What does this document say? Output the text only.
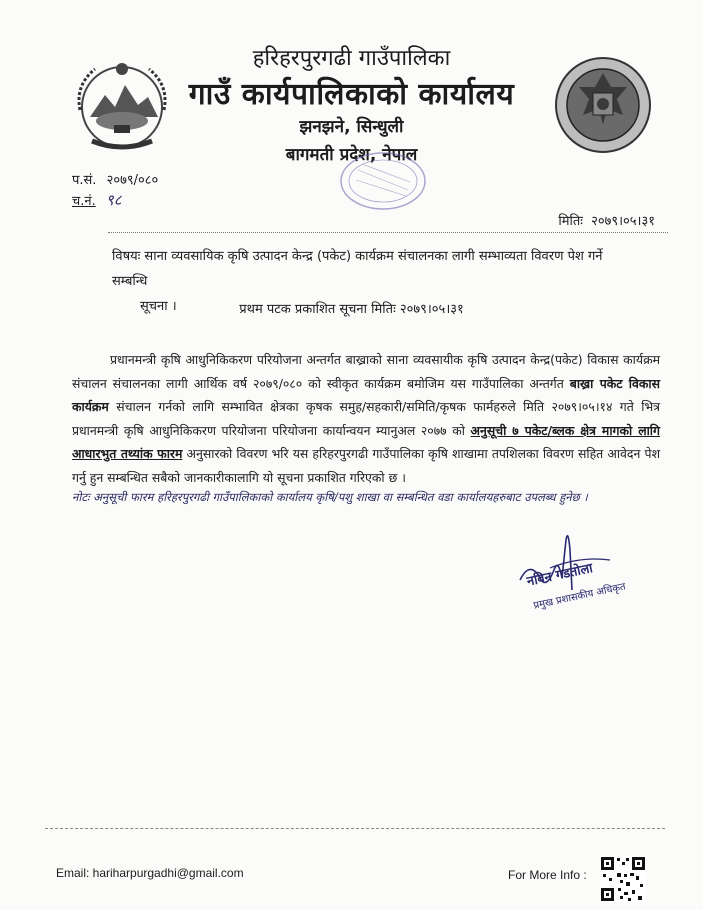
हरिहरपुरगढी गाउँपालिका
गाउँ कार्यपालिकाको कार्यालय
झनझने, सिन्धुली
बागमती प्रदेश, नेपाल
प.सं. २०७९/०८०
च.नं. ९८
मितिः २०७९।०५।३१
विषयः साना व्यवसायिक कृषि उत्पादन केन्द्र (पकेट) कार्यक्रम संचालनका लागी सम्भाव्यता विवरण पेश गर्ने सम्बन्धि
सूचना ।	प्रथम पटक प्रकाशित सूचना मितिः २०७९।०५।३१

प्रधानमन्त्री कृषि आधुनिकिकरण परियोजना अन्तर्गत बाख्राको साना व्यवसायीक कृषि उत्पादन केन्द्र(पकेट) विकास कार्यक्रम संचालन संचालनका लागी आर्थिक वर्ष २०७९/०८० को स्वीकृत कार्यक्रम बमोजिम यस गाउँपालिका अन्तर्गत बाख्रा पकेट विकास कार्यक्रम संचालन गर्नको लागि सम्भावित क्षेत्रका कृषक समुह/सहकारी/समिति/कृषक फार्महरुले मिति २०७९।०५।१४ गते भित्र प्रधानमन्त्री कृषि आधुनिकिकरण परियोजना परियोजना कार्यान्वयन म्यानुअल २०७७ को अनुसूची ७ पकेट/ब्लक क्षेत्र मागको लागि आधारभुत तथ्यांक फारम अनुसारको विवरण भरि यस हरिहरपुरगढी गाउँपालिका कृषि शाखामा तपशिलका विवरण सहित आवेदन पेश गर्नु हुन सम्बन्धित सबैको जानकारीकालागि यो सूचना प्रकाशित गरिएको छ ।

नोटः अनुसूची फारम हरिहरपुरगढी गाउँपालिकाको कार्यालय कृषि/पशु शाखा वा सम्बन्धित वडा कार्यालयहरुबाट उपलब्ध हुनेछ ।
नविन गडतोला
प्रमुख प्रशासकीय अधिकृत
Email: hariharpurgadhi@gmail.com	For More Info :
